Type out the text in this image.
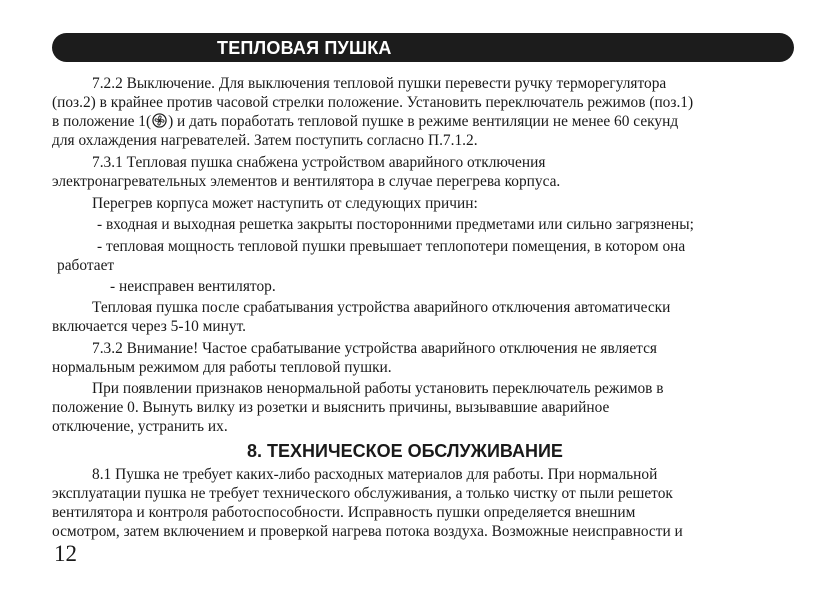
ТЕПЛОВАЯ ПУШКА
7.2.2 Выключение. Для выключения тепловой пушки перевести ручку терморегулятора
(поз.2) в крайнее против часовой стрелки положение. Установить переключатель режимов (поз.1)
в положение 1( ) и дать поработать тепловой пушке в режиме вентиляции не менее 60 секунд
для охлаждения нагревателей. Затем поступить согласно П.7.1.2.
7.3.1 Тепловая пушка снабжена устройством аварийного отключения
электронагревательных элементов и вентилятора в случае перегрева корпуса.
Перегрев корпуса может наступить от следующих причин:
- входная и выходная решетка закрыты посторонними предметами или сильно загрязнены;
- тепловая мощность тепловой пушки превышает теплопотери помещения, в котором она
работает
- неисправен вентилятор.
Тепловая пушка после срабатывания устройства аварийного отключения автоматически
включается через 5-10 минут.
7.3.2 Внимание! Частое срабатывание устройства аварийного отключения не является
нормальным режимом для работы тепловой пушки.
При появлении признаков ненормальной работы установить переключатель режимов в
положение 0. Вынуть вилку из розетки и выяснить причины, вызывавшие аварийное
отключение, устранить их.
8. ТЕХНИЧЕСКОЕ ОБСЛУЖИВАНИЕ
8.1 Пушка не требует каких-либо расходных материалов для работы. При нормальной
эксплуатации пушка не требует технического обслуживания, а только чистку от пыли решеток
вентилятора и контроля работоспособности. Исправность пушки определяется внешним
осмотром, затем включением и проверкой нагрева потока воздуха. Возможные неисправности и
12
